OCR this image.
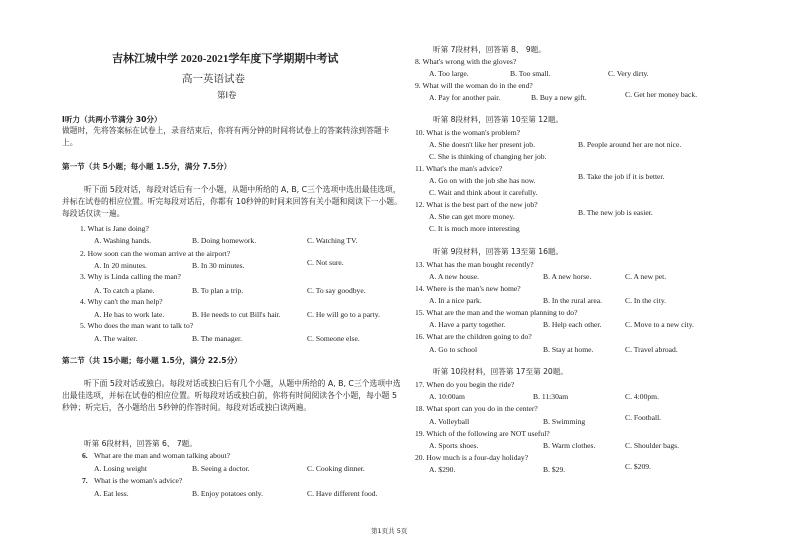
吉林江城中学 2020-2021学年度下学期期中考试
高一英语试卷
第I卷
I听力（共两小节满分 30分）
做题时，先将答案标在试卷上，录音结束后，你将有两分钟的时间将试卷上的答案转涂到答题卡上。
第一节（共 5小题；每小题 1.5分，满分 7.5分）
听下面 5段对话，每段对话后有一个小题，从题中所给的 A, B, C三个选项中选出最佳选项，并标在试卷的相应位置。听完每段对话后，你都有 10秒钟的时间来回答有关小题和阅读下一小题。每段话仅读一遍。
1. What is Jane doing?
A. Washing hands.	B. Doing homework.	C. Watching TV.
2. How soon can the woman arrive at the airport?
A. In 20 minutes.	B. In 30 minutes.	C. Not sure.
3. Why is Linda calling the man?
A. To catch a plane.	B. To plan a trip.	C. To say goodbye.
4. Why can't the man help?
A. He has to work late.	B. He needs to cut Bill's hair.	C. He will go to a party.
5. Who does the man want to talk to?
A. The waiter.	B. The manager.	C. Someone else.
第二节（共 15小题；每小题 1.5分，满分 22.5分）
听下面 5段对话或独白。每段对话或独白后有几个小题，从题中所给的 A, B, C三个选项中选出最佳选项，并标在试卷的相应位置。听每段对话或独白前，你将有时间阅读各个小题，每小题 5秒钟；听完后，各小题给出 5秒钟的作答时间。每段对话或独白读两遍。
听第 6段材料，回答第 6、 7题。
6. What are the man and woman talking about?
A. Losing weight	B. Seeing a doctor.	C. Cooking dinner.
7. What is the woman's advice?
A. Eat less.	B. Enjoy potatoes only.	C. Have different food.
听第 7段材料，回答第 8、 9题。
8. What's wrong with the gloves?
A. Too large.	B. Too small.	C. Very dirty.
9. What will the woman do in the end?
A. Pay for another pair.	B. Buy a new gift.	C. Get her money back.
听第 8段材料，回答第 10至第 12题。
10. What is the woman's problem?
A. She doesn't like her present job.	B. People around her are not nice.
C. She is thinking of changing her job.
11. What's the man's advice?
A. Go on with the job she has now.	B. Take the job if it is better.
C. Wait and think about it carefully.
12. What is the best part of the new job?
A. She can get more money.	B. The new job is easier.
C. It is much more interesting
听第 9段材料，回答第 13至第 16题。
13. What has the man bought recently?
A. A new house.	B. A new horse.	C. A new pet.
14. Where is the man's new home?
A. In a nice park.	B. In the rural area.	C. In the city.
15. What are the man and the woman planning to do?
A. Have a party together.	B. Help each other.	C. Move to a new city.
16. What are the children going to do?
A. Go to school	B. Stay at home.	C. Travel abroad.
听第 10段材料，回答第 17至第 20题。
17. When do you begin the ride?
A. 10:00am	B. 11:30am	C. 4:00pm.
18. What sport can you do in the center?
A. Volleyball	B. Swimming	C. Football.
19. Which of the following are NOT useful?
A. Sports shoes.	B. Warm clothes.	C. Shoulder bags.
20. How much is a four-day holiday?
A. $290.	B. $29.	C. $209.
第1页共 5页
